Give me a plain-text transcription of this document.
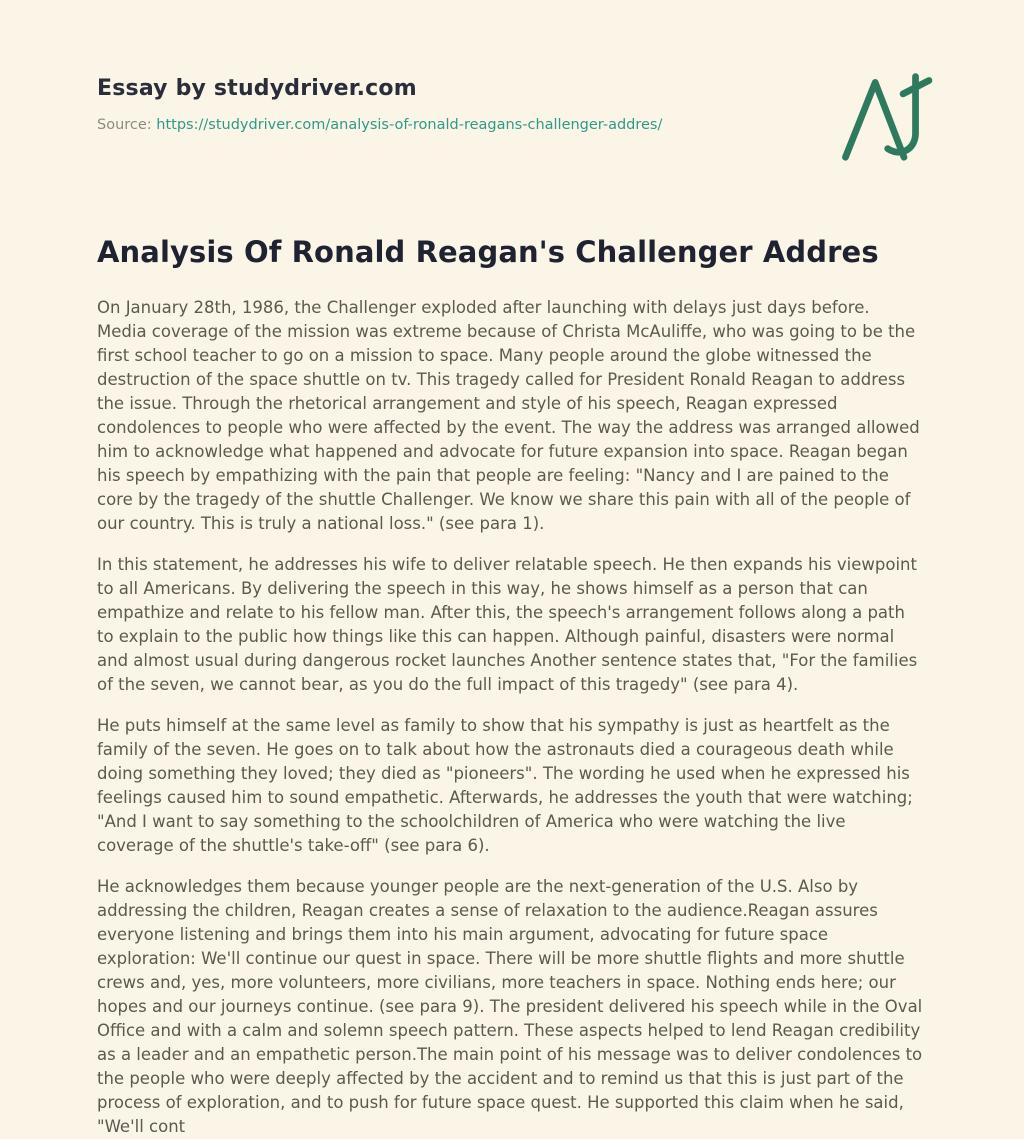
Essay by studydriver.com

Source: https://studydriver.com/analysis-of-ronald-reagans-challenger-addres/

Analysis Of Ronald Reagan's Challenger Addres

On January 28th, 1986, the Challenger exploded after launching with delays just days before. Media coverage of the mission was extreme because of Christa McAuliffe, who was going to be the first school teacher to go on a mission to space. Many people around the globe witnessed the destruction of the space shuttle on tv. This tragedy called for President Ronald Reagan to address the issue. Through the rhetorical arrangement and style of his speech, Reagan expressed condolences to people who were affected by the event. The way the address was arranged allowed him to acknowledge what happened and advocate for future expansion into space. Reagan began his speech by empathizing with the pain that people are feeling: "Nancy and I are pained to the core by the tragedy of the shuttle Challenger. We know we share this pain with all of the people of our country. This is truly a national loss." (see para 1).

In this statement, he addresses his wife to deliver relatable speech. He then expands his viewpoint to all Americans. By delivering the speech in this way, he shows himself as a person that can empathize and relate to his fellow man. After this, the speech's arrangement follows along a path to explain to the public how things like this can happen. Although painful, disasters were normal and almost usual during dangerous rocket launches Another sentence states that, "For the families of the seven, we cannot bear, as you do the full impact of this tragedy" (see para 4).

He puts himself at the same level as family to show that his sympathy is just as heartfelt as the family of the seven. He goes on to talk about how the astronauts died a courageous death while doing something they loved; they died as "pioneers". The wording he used when he expressed his feelings caused him to sound empathetic. Afterwards, he addresses the youth that were watching; "And I want to say something to the schoolchildren of America who were watching the live coverage of the shuttle's take-off" (see para 6).

He acknowledges them because younger people are the next-generation of the U.S. Also by addressing the children, Reagan creates a sense of relaxation to the audience.Reagan assures everyone listening and brings them into his main argument, advocating for future space exploration: We'll continue our quest in space. There will be more shuttle flights and more shuttle crews and, yes, more volunteers, more civilians, more teachers in space. Nothing ends here; our hopes and our journeys continue. (see para 9). The president delivered his speech while in the Oval Office and with a calm and solemn speech pattern. These aspects helped to lend Reagan credibility as a leader and an empathetic person.The main point of his message was to deliver condolences to the people who were deeply affected by the accident and to remind us that this is just part of the process of exploration, and to push for future space quest. He supported this claim when he said, "We'll cont
